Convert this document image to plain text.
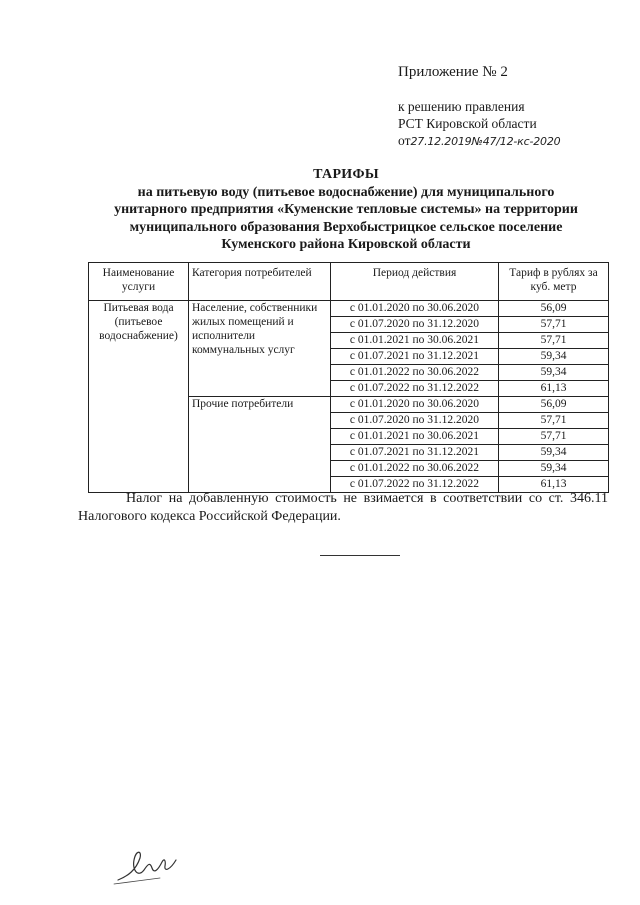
Приложение № 2
к решению правления
РСТ Кировской области
от27.12.2019№47/12-кс-2020
ТАРИФЫ
на питьевую воду (питьевое водоснабжение) для муниципального
унитарного предприятия «Куменские тепловые системы» на территории
муниципального образования Верхобыстрицкое сельское поселение
Куменского района Кировской области
Наименование услуги	Категория потребителей	Период действия	Тариф в рублях за куб. метр
Питьевая вода (питьевое водоснабжение)	Население, собственники жилых помещений и исполнители коммунальных услуг	с 01.01.2020 по 30.06.2020	56,09
		с 01.07.2020 по 31.12.2020	57,71
		с 01.01.2021 по 30.06.2021	57,71
		с 01.07.2021 по 31.12.2021	59,34
		с 01.01.2022 по 30.06.2022	59,34
		с 01.07.2022 по 31.12.2022	61,13
	Прочие потребители	с 01.01.2020 по 30.06.2020	56,09
		с 01.07.2020 по 31.12.2020	57,71
		с 01.01.2021 по 30.06.2021	57,71
		с 01.07.2021 по 31.12.2021	59,34
		с 01.01.2022 по 30.06.2022	59,34
		с 01.07.2022 по 31.12.2022	61,13
Налог на добавленную стоимость не взимается в соответствии со ст. 346.11 Налогового кодекса Российской Федерации.
